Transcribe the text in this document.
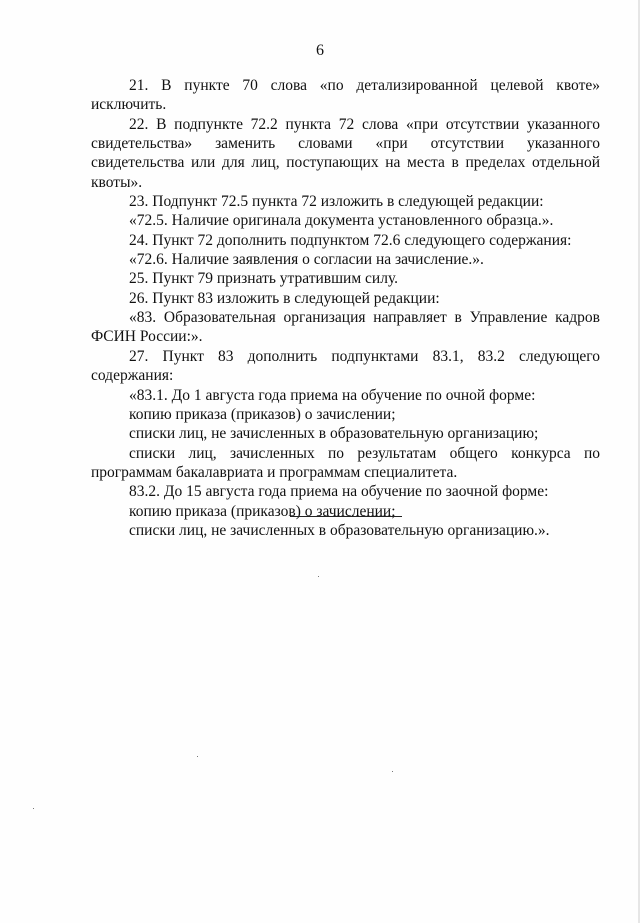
6

21. В пункте 70 слова «по детализированной целевой квоте» исключить.

22. В подпункте 72.2 пункта 72 слова «при отсутствии указанного свидетельства» заменить словами «при отсутствии указанного свидетельства или для лиц, поступающих на места в пределах отдельной квоты».

23. Подпункт 72.5 пункта 72 изложить в следующей редакции:

«72.5. Наличие оригинала документа установленного образца.».

24. Пункт 72 дополнить подпунктом 72.6 следующего содержания:

«72.6. Наличие заявления о согласии на зачисление.».

25. Пункт 79 признать утратившим силу.

26. Пункт 83 изложить в следующей редакции:

«83. Образовательная организация направляет в Управление кадров ФСИН России:».

27. Пункт 83 дополнить подпунктами 83.1, 83.2 следующего содержания:

«83.1. До 1 августа года приема на обучение по очной форме:

копию приказа (приказов) о зачислении;

списки лиц, не зачисленных в образовательную организацию;

списки лиц, зачисленных по результатам общего конкурса по программам бакалавриата и программам специалитета.

83.2. До 15 августа года приема на обучение по заочной форме:

копию приказа (приказов) о зачислении;

списки лиц, не зачисленных в образовательную организацию.».
